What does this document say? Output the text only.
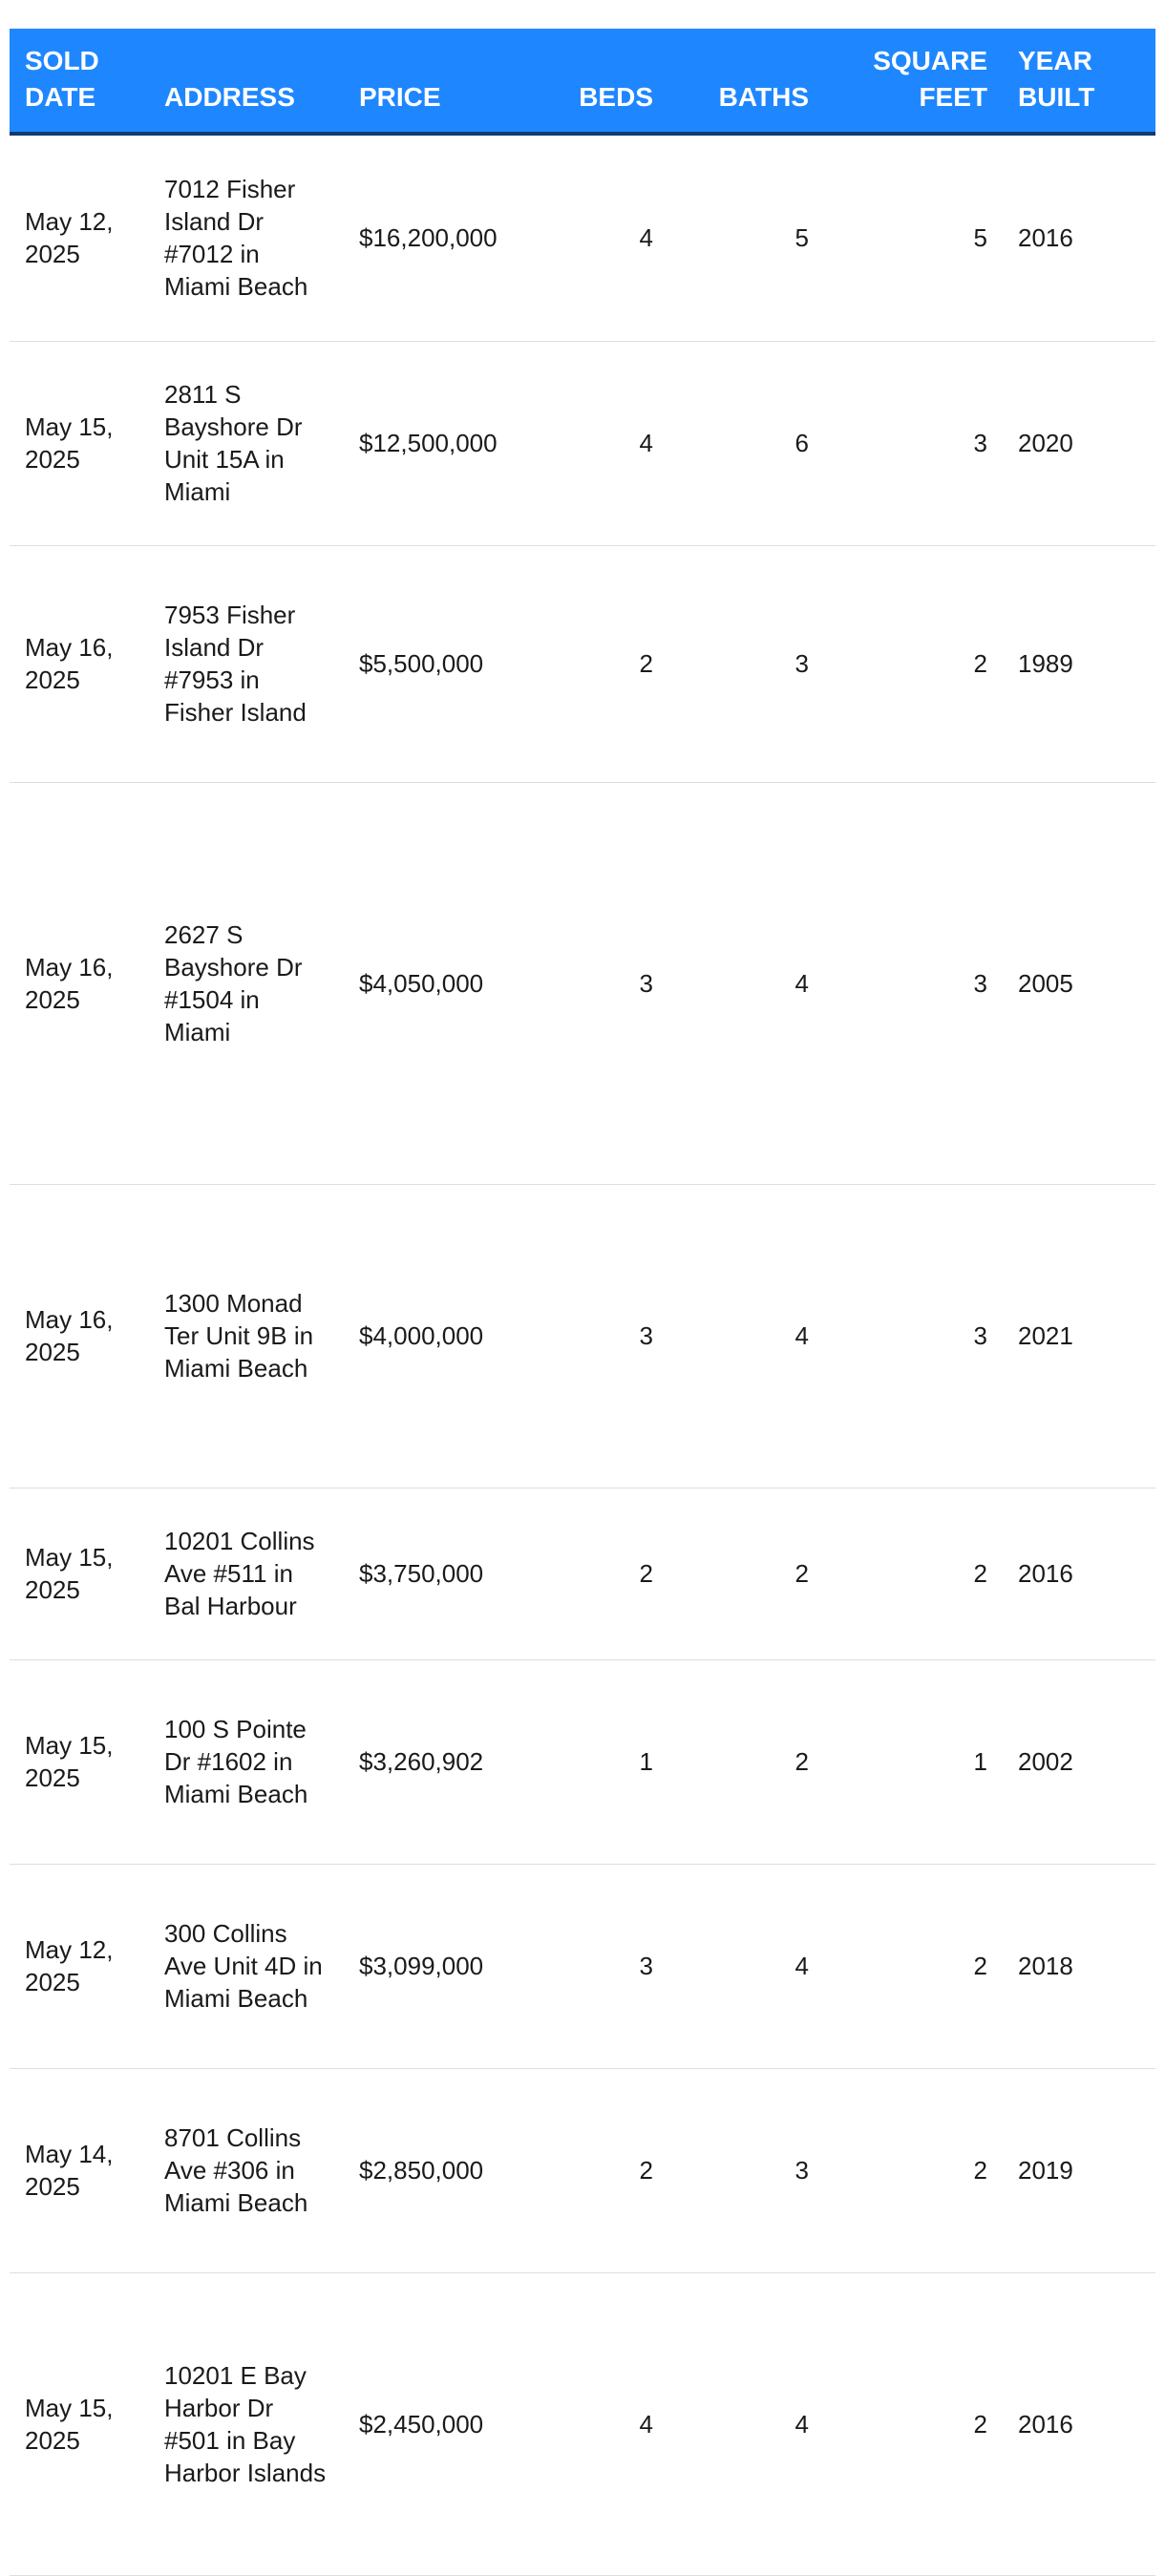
SOLD DATE	ADDRESS	PRICE	BEDS	BATHS	SQUARE FEET	YEAR BUILT
May 12, 2025	7012 Fisher Island Dr #7012 in Miami Beach	$16,200,000	4	5	5	2016
May 15, 2025	2811 S Bayshore Dr Unit 15A in Miami	$12,500,000	4	6	3	2020
May 16, 2025	7953 Fisher Island Dr #7953 in Fisher Island	$5,500,000	2	3	2	1989
May 16, 2025	2627 S Bayshore Dr #1504 in Miami	$4,050,000	3	4	3	2005
May 16, 2025	1300 Monad Ter Unit 9B in Miami Beach	$4,000,000	3	4	3	2021
May 15, 2025	10201 Collins Ave #511 in Bal Harbour	$3,750,000	2	2	2	2016
May 15, 2025	100 S Pointe Dr #1602 in Miami Beach	$3,260,902	1	2	1	2002
May 12, 2025	300 Collins Ave Unit 4D in Miami Beach	$3,099,000	3	4	2	2018
May 14, 2025	8701 Collins Ave #306 in Miami Beach	$2,850,000	2	3	2	2019
May 15, 2025	10201 E Bay Harbor Dr #501 in Bay Harbor Islands	$2,450,000	4	4	2	2016
